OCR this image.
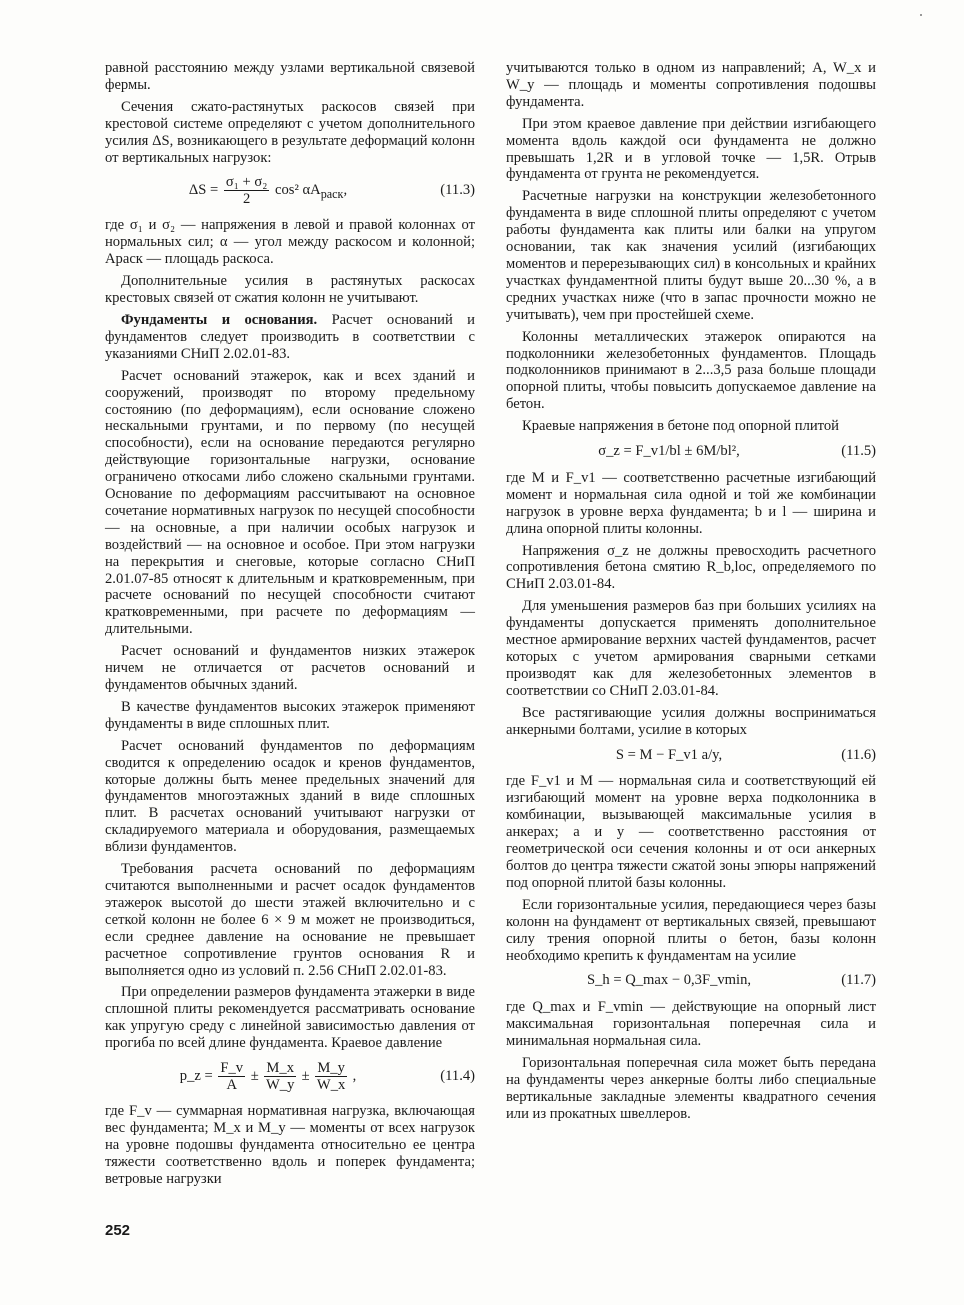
равной расстоянию между узлами вертикальной связевой фермы.

Сечения сжато-растянутых раскосов связей при крестовой системе определяют с учетом дополнительного усилия ΔS, возникающего в результате деформаций колонн от вертикальных нагрузок:

$\Delta S = \frac{\text{σ₁ + σ₂}}{2} \cos^2$ $\alpha A_{раск}$,	(11.3)

где σ₁ и σ₂ — напряжения в левой и правой колоннах от нормальных сил; α — угол между раскосом и колонной; Aраск — площадь раскоса.

Дополнительные усилия в растянутых раскосах крестовых связей от сжатия колонн не учитывают.

Фундаменты и основания. Расчет оснований и фундаментов следует производить в соответствии с указаниями СНиП 2.02.01-83.

Расчет оснований этажерок, как и всех зданий и сооружений, производят по второму предельному состоянию (по деформациям), если основание сложено нескальными грунтами, и по первому (по несущей способности), если на основание передаются регулярно действующие горизонтальные нагрузки, основание ограничено откосами либо сложено скальными грунтами. Основание по деформациям рассчитывают на основное сочетание нормативных нагрузок по несущей способности — на основные, а при наличии особых нагрузок и воздействий — на основное и особое. При этом нагрузки на перекрытия и снеговые, которые согласно СНиП 2.01.07-85 относят к длительным и кратковременным, при расчете оснований по несущей способности считают кратковременными, при расчете по деформациям — длительными.

Расчет оснований и фундаментов низких этажерок ничем не отличается от расчетов оснований и фундаментов обычных зданий.

В качестве фундаментов высоких этажерок применяют фундаменты в виде сплошных плит.

Расчет оснований фундаментов по деформациям сводится к определению осадок и кренов фундаментов, которые должны быть менее предельных значений для фундаментов многоэтажных зданий в виде сплошных плит. В расчетах оснований учитывают нагрузки от складируемого материала и оборудования, размещаемых вблизи фундаментов.

Требования расчета оснований по деформациям считаются выполненными и расчет осадок фундаментов этажерок высотой до шести этажей включительно и с сеткой колонн не более 6 × 9 м может не производиться, если среднее давление на основание не превышает расчетное сопротивление грунтов основания R и выполняется одно из условий п. 2.56 СНиП 2.02.01-83.

При определении размеров фундамента этажерки в виде сплошной плиты рекомендуется рассматривать основание как упругую среду с линейной зависимостью давления от прогиба по всей длине фундамента. Краевое давление

p_z = $\frac{F\_v}{A} \pm \frac{M\_x}{W\_y} \pm \frac{M\_y}{W\_x}$ ,	(11.4)

где F_v — суммарная нормативная нагрузка, включающая вес фундамента; M_x и M_y — моменты от всех нагрузок на уровне подошвы фундамента относительно ее центра тяжести соответственно вдоль и поперек фундамента; ветровые нагрузки

учитываются только в одном из направлений; A, W_x и W_y — площадь и моменты сопротивления подошвы фундамента.

При этом краевое давление при действии изгибающего момента вдоль каждой оси фундамента не должно превышать 1,2R и в угловой точке — 1,5R. Отрыв фундамента от грунта не рекомендуется.

Расчетные нагрузки на конструкции железобетонного фундамента в виде сплошной плиты определяют с учетом работы фундамента как плиты или балки на упругом основании, так как значения усилий (изгибающих моментов и перерезывающих сил) в консольных и крайних участках фундаментной плиты будут выше 20...30 %, а в средних участках ниже (что в запас прочности можно не учитывать), чем при простейшей схеме.

Колонны металлических этажерок опираются на подколонники железобетонных фундаментов. Площадь подколонников принимают в 2...3,5 раза больше площади опорной плиты, чтобы повысить допускаемое давление на бетон.

Краевые напряжения в бетоне под опорной плитой

σ_z = F_v1/bl ± 6M/bl²,	(11.5)

где M и F_v1 — соответственно расчетные изгибающий момент и нормальная сила одной и той же комбинации нагрузок в уровне верха фундамента; b и l — ширина и длина опорной плиты колонны.

Напряжения σ_z не должны превосходить расчетного сопротивления бетона смятию R_b,loc, определяемого по СНиП 2.03.01-84.

Для уменьшения размеров баз при больших усилиях на фундаменты допускается применять дополнительное местное армирование верхних частей фундаментов, расчет которых с учетом армирования сварными сетками производят как для железобетонных элементов в соответствии со СНиП 2.03.01-84.

Все растягивающие усилия должны восприниматься анкерными болтами, усилие в которых

S = M − F_v1 a/y,	(11.6)

где F_v1 и M — нормальная сила и соответствующий ей изгибающий момент на уровне верха подколонника в комбинации, вызывающей максимальные усилия в анкерах; a и y — соответственно расстояния от геометрической оси сечения колонны и от оси анкерных болтов до центра тяжести сжатой зоны эпюры напряжений под опорной плитой базы колонны.

Если горизонтальные усилия, передающиеся через базы колонн на фундамент от вертикальных связей, превышают силу трения опорной плиты о бетон, базы колонн необходимо крепить к фундаментам на усилие

S_h = Q_max − 0,3F_vmin,	(11.7)

где Q_max и F_vmin — действующие на опорный лист максимальная горизонтальная поперечная сила и минимальная нормальная сила.

Горизонтальная поперечная сила может быть передана на фундаменты через анкерные болты либо специальные вертикальные закладные элементы квадратного сечения или из прокатных швеллеров.

252
